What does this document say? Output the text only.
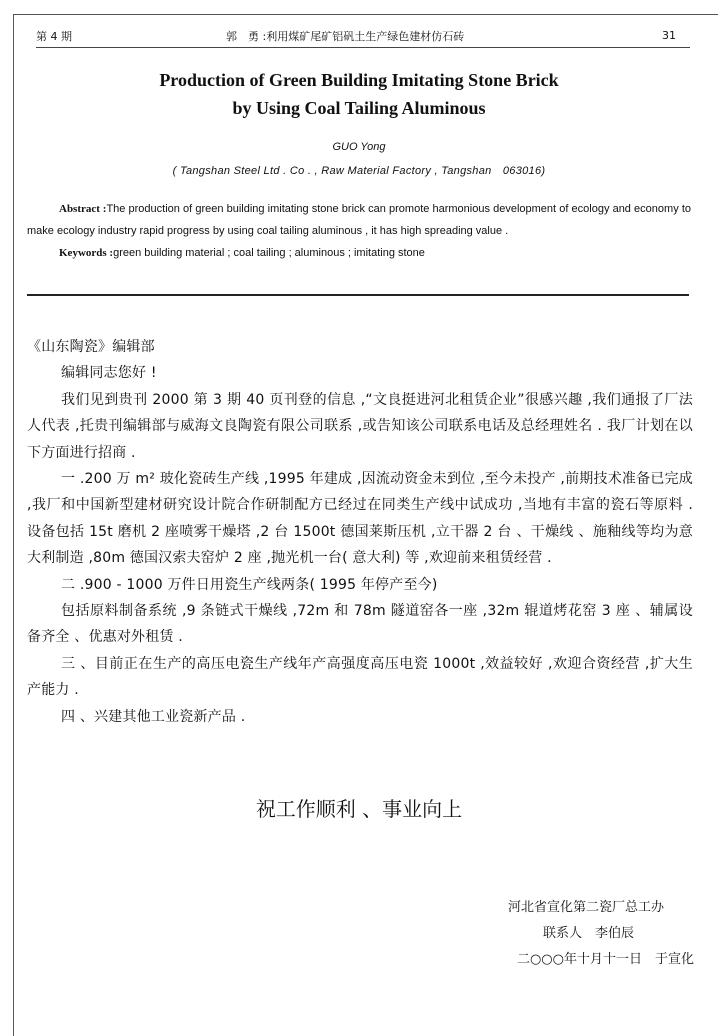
第 4 期	郭　勇 :利用煤矿尾矿铝矾土生产绿色建材仿石砖	31
Production of Green Building Imitating Stone Brick
by Using Coal Tailing Aluminous
GUO Yong
( Tangshan Steel Ltd . Co . , Raw Material Factory , Tangshan　063016)

Abstract :The production of green building imitating stone brick can promote harmonious development of ecology and economy to make ecology industry rapid progress by using coal tailing aluminous , it has high spreading value .

Keywords :green building material ; coal tailing ; aluminous ; imitating stone

《山东陶瓷》编辑部

编辑同志您好 !

我们见到贵刊 2000 第 3 期 40 页刊登的信息 ,“文良挺进河北租赁企业”很感兴趣 ,我们通报了厂法人代表 ,托贵刊编辑部与威海文良陶瓷有限公司联系 ,或告知该公司联系电话及总经理姓名 . 我厂计划在以下方面进行招商 .

一 .200 万 m² 玻化瓷砖生产线 ,1995 年建成 ,因流动资金未到位 ,至今未投产 ,前期技术准备已完成 ,我厂和中国新型建材研究设计院合作研制配方已经过在同类生产线中试成功 ,当地有丰富的瓷石等原料 . 设备包括 15t 磨机 2 座喷雾干燥塔 ,2 台 1500t 德国莱斯压机 ,立干器 2 台 、干燥线 、施釉线等均为意大利制造 ,80m 德国汉索夫窑炉 2 座 ,抛光机一台( 意大利) 等 ,欢迎前来租赁经营 .

二 .900 - 1000 万件日用瓷生产线两条( 1995 年停产至今)

包括原料制备系统 ,9 条链式干燥线 ,72m 和 78m 隧道窑各一座 ,32m 辊道烤花窑 3 座 、辅属设备齐全 、优惠对外租赁 .

三 、目前正在生产的高压电瓷生产线年产高强度高压电瓷 1000t ,效益较好 ,欢迎合资经营 ,扩大生产能力 .

四 、兴建其他工业瓷新产品 .

祝工作顺利 、事业向上
河北省宣化第二瓷厂总工办
联系人　李伯辰
二○○○年十月十一日　于宣化
